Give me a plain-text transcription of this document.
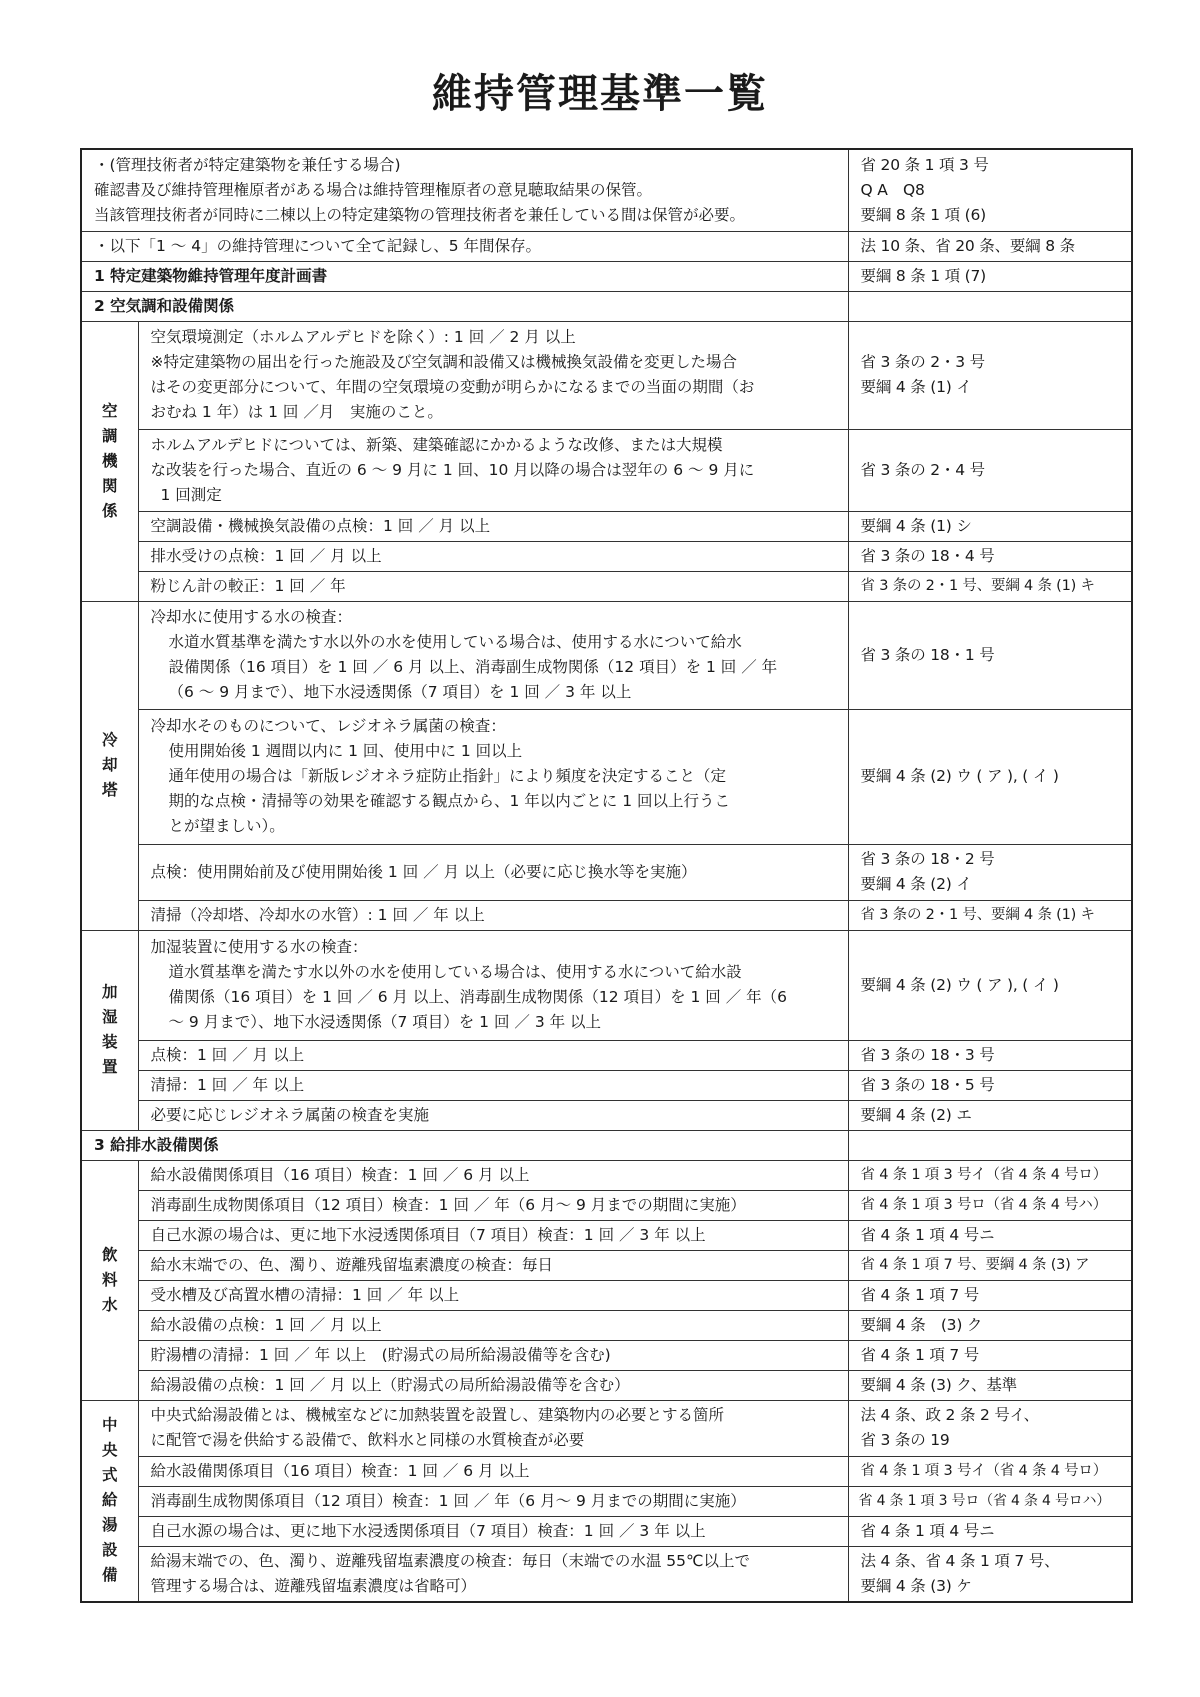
維持管理基準一覧
・(管理技術者が特定建築物を兼任する場合)
確認書及び維持管理権原者がある場合は維持管理権原者の意見聴取結果の保管。
当該管理技術者が同時に二棟以上の特定建築物の管理技術者を兼任している間は保管が必要。		省 20 条 1 項 3 号
Q A　Q8
要綱 8 条 1 項 (6)

・以下「1 ～ 4」の維持管理について全て記録し、5 年間保存。		法 10 条、省 20 条、要綱 8 条
1 特定建築物維持管理年度計画書		要綱 8 条 1 項 (7)
2 空気調和設備関係		
空調機関係	空気環境測定（ホルムアルデヒドを除く）: 1 回 ／ 2 月 以上
※特定建築物の届出を行った施設及び空気調和設備又は機械換気設備を変更した場合
はその変更部分について、年間の空気環境の変動が明らかになるまでの当面の期間（お
おむね 1 年）は 1 回 ／月　実施のこと。	省 3 条の 2・3 号
要綱 4 条 (1) イ

	ホルムアルデヒドについては、新築、建築確認にかかるような改修、または大規模
な改装を行った場合、直近の 6 ～ 9 月に 1 回、10 月以降の場合は翌年の 6 ～ 9 月に
1 回測定	省 3 条の 2・4 号
	空調設備・機械換気設備の点検：1 回 ／ 月 以上	要綱 4 条 (1) シ
	排水受けの点検：1 回 ／ 月 以上	省 3 条の 18・4 号
	粉じん計の較正：1 回 ／ 年	省 3 条の 2・1 号、要綱 4 条 (1) キ
冷却塔	冷却水に使用する水の検査：
水道水質基準を満たす水以外の水を使用している場合は、使用する水について給水
設備関係（16 項目）を 1 回 ／ 6 月 以上、消毒副生成物関係（12 項目）を 1 回 ／ 年
（6 ～ 9 月まで）、地下水浸透関係（7 項目）を 1 回 ／ 3 年 以上	省 3 条の 18・1 号

	冷却水そのものについて、レジオネラ属菌の検査：
使用開始後 1 週間以内に 1 回、使用中に 1 回以上
通年使用の場合は「新版レジオネラ症防止指針」により頻度を決定すること（定
期的な点検・清掃等の効果を確認する観点から、1 年以内ごとに 1 回以上行うこ
とが望ましい）。	要綱 4 条 (2) ウ ( ア ), ( イ )
	点検：使用開始前及び使用開始後 1 回 ／ 月 以上（必要に応じ換水等を実施）	省 3 条の 18・2 号
要綱 4 条 (2) イ

	清掃（冷却塔、冷却水の水管）: 1 回 ／ 年 以上	省 3 条の 2・1 号、要綱 4 条 (1) キ
加湿装置	加湿装置に使用する水の検査：
道水質基準を満たす水以外の水を使用している場合は、使用する水について給水設
備関係（16 項目）を 1 回 ／ 6 月 以上、消毒副生成物関係（12 項目）を 1 回 ／ 年（6
～ 9 月まで）、地下水浸透関係（7 項目）を 1 回 ／ 3 年 以上	要綱 4 条 (2) ウ ( ア ), ( イ )
	点検：1 回 ／ 月 以上	省 3 条の 18・3 号
	清掃：1 回 ／ 年 以上	省 3 条の 18・5 号
	必要に応じレジオネラ属菌の検査を実施	要綱 4 条 (2) エ
3 給排水設備関係		
飲料水	給水設備関係項目（16 項目）検査：1 回 ／ 6 月 以上	省 4 条 1 項 3 号イ（省 4 条 4 号ロ）
	消毒副生成物関係項目（12 項目）検査：1 回 ／ 年（6 月～ 9 月までの期間に実施）	省 4 条 1 項 3 号ロ（省 4 条 4 号ハ）
	自己水源の場合は、更に地下水浸透関係項目（7 項目）検査：1 回 ／ 3 年 以上	省 4 条 1 項 4 号ニ
	給水末端での、色、濁り、遊離残留塩素濃度の検査：毎日	省 4 条 1 項 7 号、要綱 4 条 (3) ア
	受水槽及び高置水槽の清掃：1 回 ／ 年 以上	省 4 条 1 項 7 号
	給水設備の点検：1 回 ／ 月 以上	要綱 4 条　(3) ク
	貯湯槽の清掃：1 回 ／ 年 以上　(貯湯式の局所給湯設備等を含む)	省 4 条 1 項 7 号
	給湯設備の点検：1 回 ／ 月 以上（貯湯式の局所給湯設備等を含む）	要綱 4 条 (3) ク、基準
中央式給湯設備	中央式給湯設備とは、機械室などに加熱装置を設置し、建築物内の必要とする箇所
に配管で湯を供給する設備で、飲料水と同様の水質検査が必要	法 4 条、政 2 条 2 号イ、
省 3 条の 19

	給水設備関係項目（16 項目）検査：1 回 ／ 6 月 以上	省 4 条 1 項 3 号イ（省 4 条 4 号ロ）
	消毒副生成物関係項目（12 項目）検査：1 回 ／ 年（6 月～ 9 月までの期間に実施）	省 4 条 1 項 3 号ロ（省 4 条 4 号ロハ）
	自己水源の場合は、更に地下水浸透関係項目（7 項目）検査：1 回 ／ 3 年 以上	省 4 条 1 項 4 号ニ

	給湯末端での、色、濁り、遊離残留塩素濃度の検査：毎日（末端での水温 55℃以上で
管理する場合は、遊離残留塩素濃度は省略可）	法 4 条、省 4 条 1 項 7 号、
要綱 4 条 (3) ケ
